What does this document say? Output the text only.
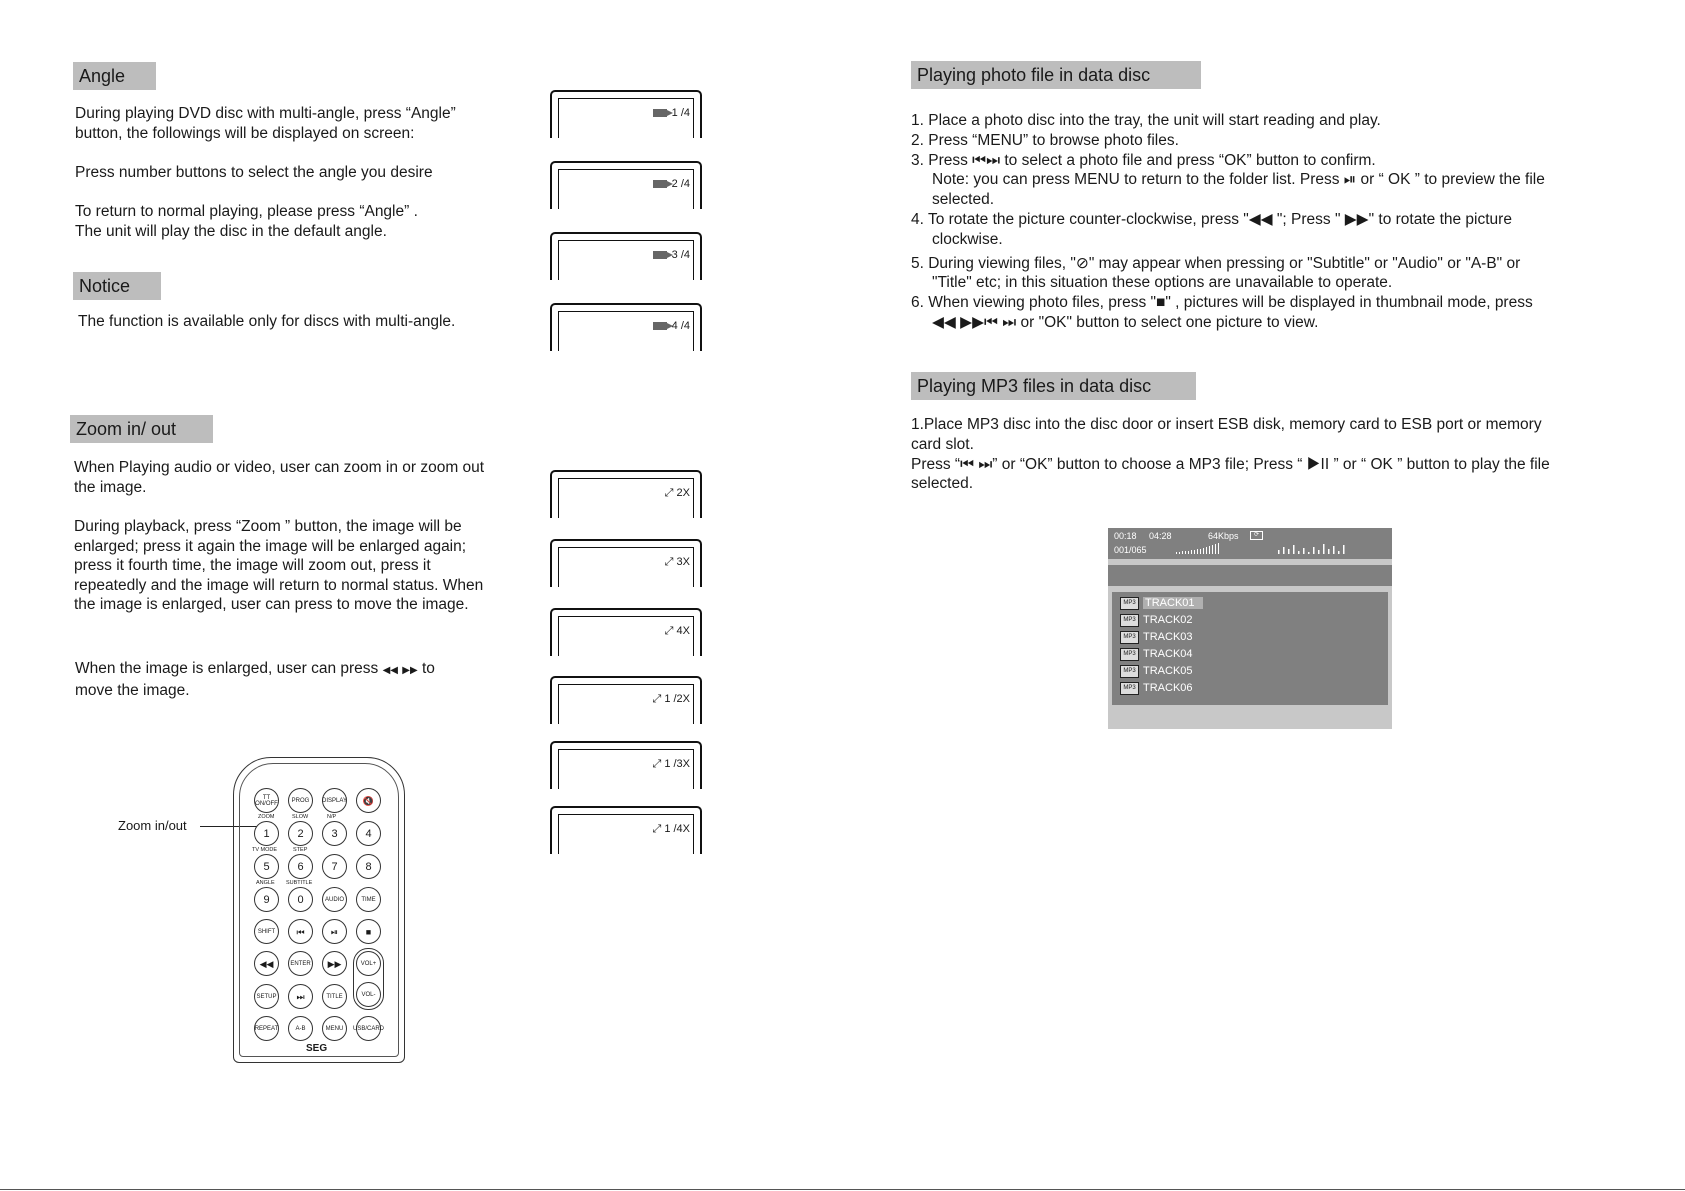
Angle
During playing DVD disc with multi-angle, press “Angle” button, the followings will be displayed on screen:
Press number buttons to select the angle you desire
To return to normal playing, please press “Angle” .
The unit will play the disc in the default angle.
Notice
The function is available only for discs with multi-angle.
1 /4
2 /4
3 /4
4 /4
Zoom in/ out
When Playing audio or video, user can zoom in or zoom out the image.
During playback, press “Zoom ” button, the image will be enlarged; press it again the image will be enlarged again; press it fourth time, the image will zoom out, press it repeatedly and the image will return to normal status. When the image is enlarged, user can press to move the image.
When the image is enlarged, user can press ◀◀ ▶▶ to
move the image.
⤢ 2X
⤢ 3X
⤢ 4X
⤢ 1 /2X
⤢ 1 /3X
⤢ 1 /4X
Zoom in/out
TT ON/OFF	PROG	DISPLAY 🔇
ZOOM	SLOW	N/P
1	2	3	4
TV MODE	STEP
5	6	7	8
ANGLE SUBTITLE
9	0	AUDIO	TIME
SHIFT	⏮	⏯	■
◀◀	ENTER	▶▶	VOL+
SETUP	⏭	TITLE	VOL-
REPEAT	A-B	MENU	USB/CARD
SEG
Playing photo file in data disc
1. Place a photo disc into the tray, the unit will start reading and play.
2. Press “MENU” to browse photo files.
3. Press ⏮⏭ to select a photo file and press “OK” button to confirm.
Note: you can press MENU to return to the folder list. Press ⏯ or “ OK ” to preview the file
selected.
4. To rotate the picture counter-clockwise, press "◀◀ "; Press " ▶▶" to rotate the picture
clockwise.
5. During viewing files, "⊘" may appear when pressing or "Subtitle" or "Audio" or "A-B" or
"Title" etc; in this situation these options are unavailable to operate.
6. When viewing photo files, press "■" , pictures will be displayed in thumbnail mode, press
◀◀ ▶▶⏮ ⏭ or "OK" button to select one picture to view.
Playing MP3 files in data disc
1.Place MP3 disc into the disc door or insert ESB disk, memory card to ESB port or memory
card slot.
Press “⏮ ⏭” or “OK” button to choose a MP3 file; Press “ ▶II ” or “ OK ” button to play the file
selected.
00:18 04:28	64Kbps	⟳
001/065
MP3 TRACK01
MP3 TRACK02
MP3 TRACK03
MP3 TRACK04
MP3 TRACK05
MP3 TRACK06
